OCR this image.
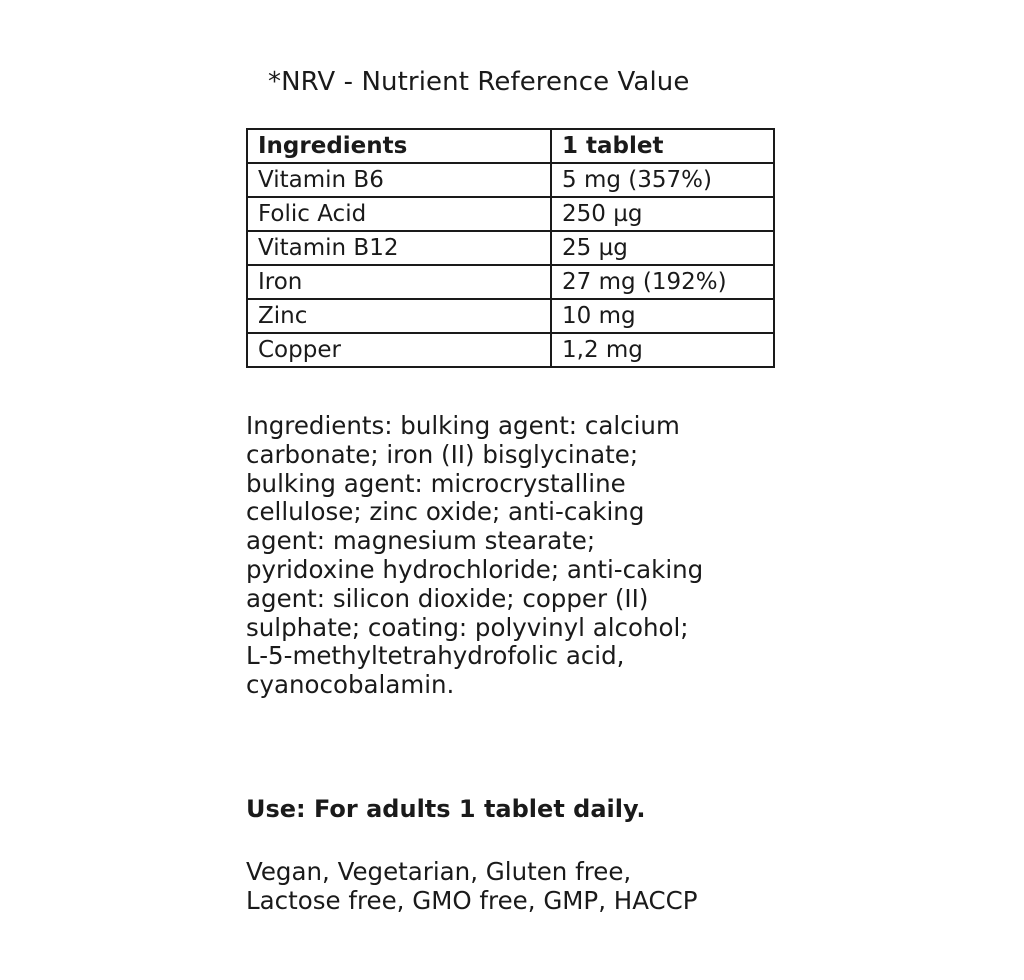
*NRV - Nutrient Reference Value
Ingredients	1 tablet
Vitamin B6	5 mg (357%)
Folic Acid	250 µg
Vitamin B12	25 µg
Iron	27 mg (192%)
Zinc	10 mg
Copper	1,2 mg
Ingredients: bulking agent: calcium
carbonate; iron (II) bisglycinate;
bulking agent: microcrystalline
cellulose; zinc oxide; anti-caking
agent: magnesium stearate;
pyridoxine hydrochloride; anti-caking
agent: silicon dioxide; copper (II)
sulphate; coating: polyvinyl alcohol;
L-5-methyltetrahydrofolic acid,
cyanocobalamin.
Use: For adults 1 tablet daily.
Vegan, Vegetarian, Gluten free,
Lactose free, GMO free, GMP, HACCP
